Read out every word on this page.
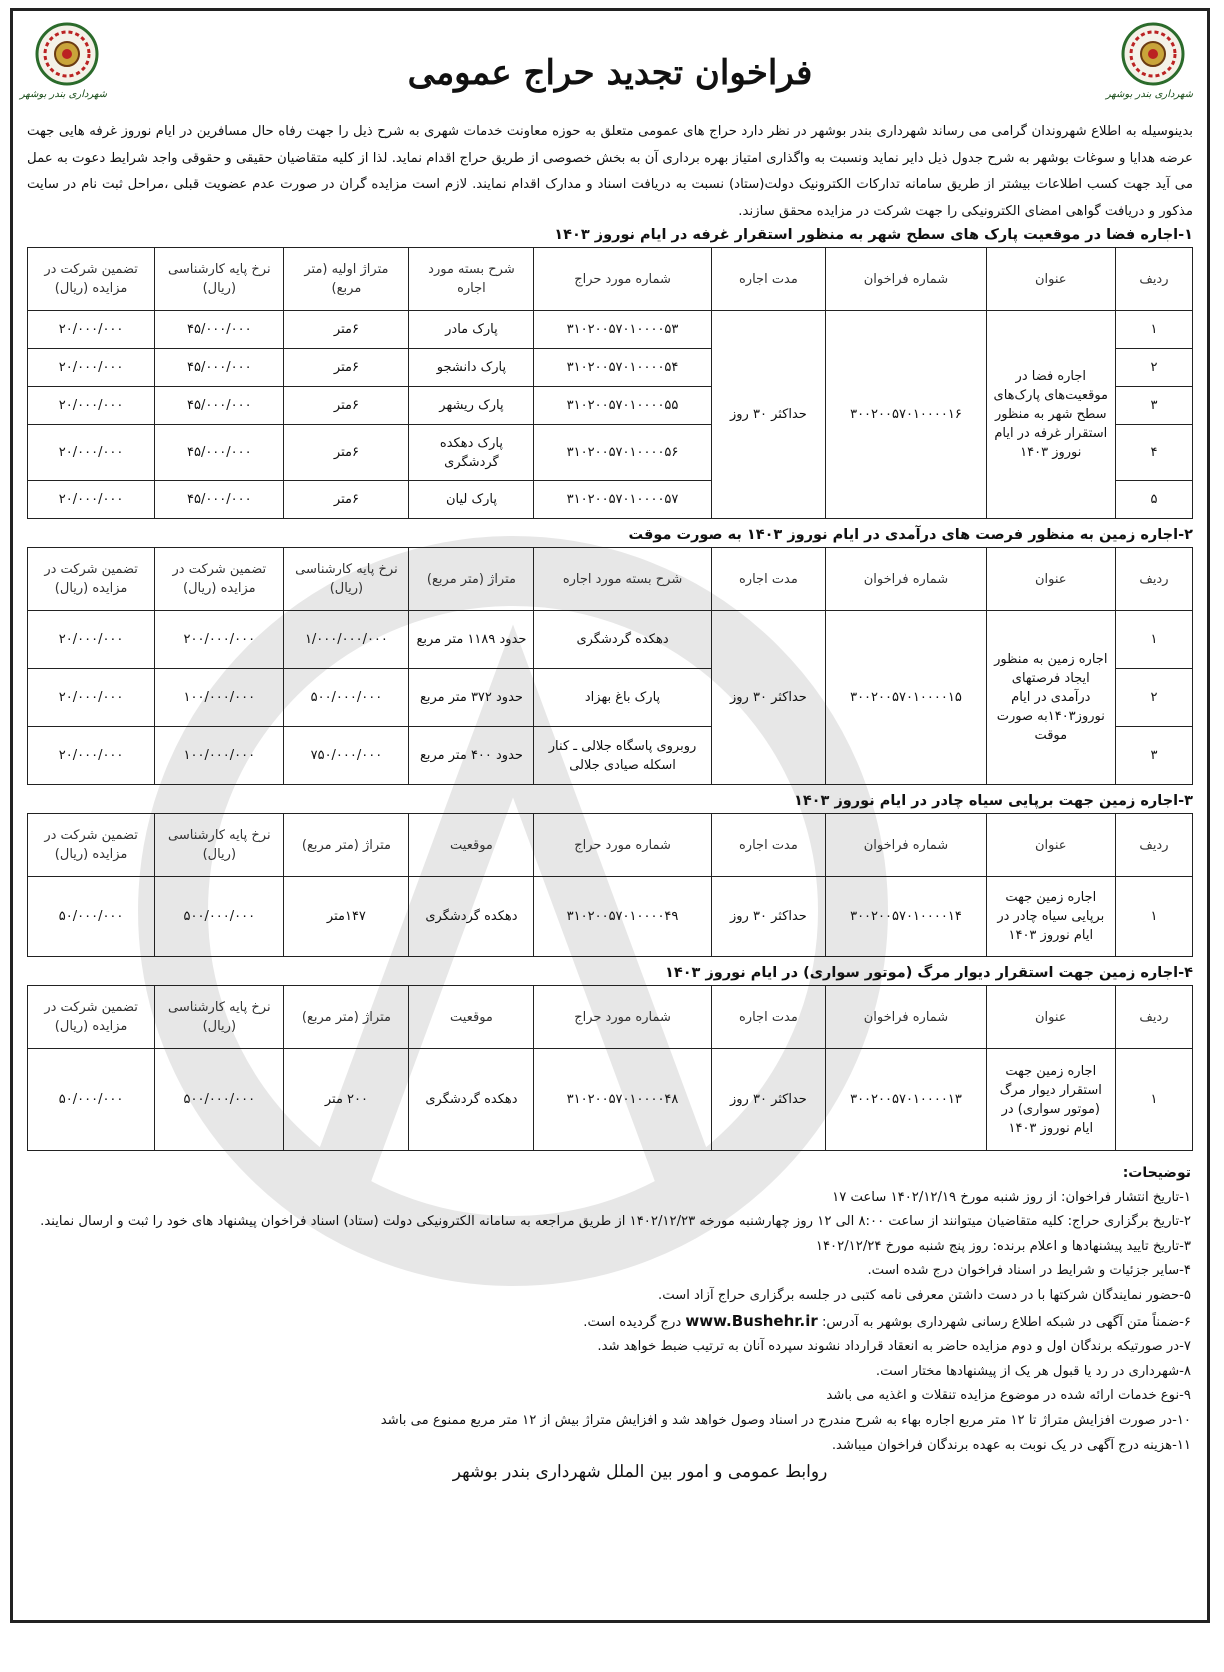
شهرداری بندر بوشهر
شهرداری بندر بوشهر
فراخوان تجدید حراج عمومی
بدینوسیله به اطلاع شهروندان گرامی می رساند شهرداری بندر بوشهر در نظر دارد حراج های عمومی متعلق به حوزه معاونت خدمات شهری به شرح ذیل را جهت رفاه حال مسافرین در ایام نوروز غرفه هایی جهت عرضه هدایا و سوغات بوشهر به شرح جدول ذیل دایر نماید ونسبت به واگذاری امتیاز بهره برداری آن به بخش خصوصی از طریق حراج اقدام نماید. لذا از کلیه متقاضیان حقیقی و حقوقی واجد شرایط دعوت به عمل می آید جهت کسب اطلاعات بیشتر از طریق سامانه تدارکات الکترونیک دولت(ستاد) نسبت به دریافت اسناد و مدارک اقدام نمایند. لازم است مزایده گران در صورت عدم عضویت قبلی ،مراحل ثبت نام در سایت مذکور و دریافت گواهی امضای الکترونیکی را جهت شرکت در مزایده محقق سازند.
۱-اجاره فضا در موقعیت پارک های سطح شهر به منظور استقرار غرفه در ایام نوروز ۱۴۰۳
ردیف	عنوان	شماره فراخوان	مدت اجاره	شماره مورد حراج	شرح بسته مورد اجاره	متراژ اولیه (متر مربع)	نرخ پایه کارشناسی (ریال)	تضمین شرکت در مزایده (ریال)
۱	اجاره فضا در موقعیت‌های پارک‌های سطح شهر به منظور استقرار غرفه در ایام نوروز ۱۴۰۳	۳۰۰۲۰۰۵۷۰۱۰۰۰۰۱۶	حداکثر ۳۰ روز	۳۱۰۲۰۰۵۷۰۱۰۰۰۰۵۳	پارک مادر	۶متر	۴۵/۰۰۰/۰۰۰	۲۰/۰۰۰/۰۰۰
۲				۳۱۰۲۰۰۵۷۰۱۰۰۰۰۵۴	پارک دانشجو	۶متر	۴۵/۰۰۰/۰۰۰	۲۰/۰۰۰/۰۰۰
۳				۳۱۰۲۰۰۵۷۰۱۰۰۰۰۵۵	پارک ریشهر	۶متر	۴۵/۰۰۰/۰۰۰	۲۰/۰۰۰/۰۰۰
۴				۳۱۰۲۰۰۵۷۰۱۰۰۰۰۵۶	پارک دهکده گردشگری	۶متر	۴۵/۰۰۰/۰۰۰	۲۰/۰۰۰/۰۰۰
۵				۳۱۰۲۰۰۵۷۰۱۰۰۰۰۵۷	پارک لیان	۶متر	۴۵/۰۰۰/۰۰۰	۲۰/۰۰۰/۰۰۰
۲-اجاره زمین به منظور فرصت های درآمدی در ایام نوروز ۱۴۰۳ به صورت موقت
ردیف	عنوان	شماره فراخوان	مدت اجاره	شرح بسته مورد اجاره	متراژ (متر مربع)	نرخ پایه کارشناسی (ریال)	تضمین شرکت در مزایده (ریال)	تضمین شرکت در مزایده (ریال)
۱	اجاره زمین به منظور ایجاد فرصتهای درآمدی در ایام نوروز۱۴۰۳به صورت موقت	۳۰۰۲۰۰۵۷۰۱۰۰۰۰۱۵	حداکثر ۳۰ روز	دهکده گردشگری	حدود ۱۱۸۹ متر مربع	۱/۰۰۰/۰۰۰/۰۰۰	۲۰۰/۰۰۰/۰۰۰	۲۰/۰۰۰/۰۰۰
۲				پارک باغ بهزاد	حدود ۳۷۲ متر مربع	۵۰۰/۰۰۰/۰۰۰	۱۰۰/۰۰۰/۰۰۰	۲۰/۰۰۰/۰۰۰
۳				روبروی پاسگاه جلالی ـ کنار اسکله صیادی جلالی	حدود ۴۰۰ متر مربع	۷۵۰/۰۰۰/۰۰۰	۱۰۰/۰۰۰/۰۰۰	۲۰/۰۰۰/۰۰۰
۳-اجاره زمین جهت برپایی سیاه چادر در ایام نوروز ۱۴۰۳
ردیف	عنوان	شماره فراخوان	مدت اجاره	شماره مورد حراج	موقعیت	متراژ (متر مربع)	نرخ پایه کارشناسی (ریال)	تضمین شرکت در مزایده (ریال)
۱	اجاره زمین جهت برپایی سیاه چادر در ایام نوروز ۱۴۰۳	۳۰۰۲۰۰۵۷۰۱۰۰۰۰۱۴	حداکثر ۳۰ روز	۳۱۰۲۰۰۵۷۰۱۰۰۰۰۴۹	دهکده گردشگری	۱۴۷متر	۵۰۰/۰۰۰/۰۰۰	۵۰/۰۰۰/۰۰۰
۴-اجاره زمین جهت استقرار دیوار مرگ (موتور سواری) در ایام نوروز ۱۴۰۳
ردیف	عنوان	شماره فراخوان	مدت اجاره	شماره مورد حراج	موقعیت	متراژ (متر مربع)	نرخ پایه کارشناسی (ریال)	تضمین شرکت در مزایده (ریال)
۱	اجاره زمین جهت استقرار دیوار مرگ (موتور سواری) در ایام نوروز ۱۴۰۳	۳۰۰۲۰۰۵۷۰۱۰۰۰۰۱۳	حداکثر ۳۰ روز	۳۱۰۲۰۰۵۷۰۱۰۰۰۰۴۸	دهکده گردشگری	۲۰۰ متر	۵۰۰/۰۰۰/۰۰۰	۵۰/۰۰۰/۰۰۰
توضیحات:
۱-تاریخ انتشار فراخوان: از روز شنبه مورخ ۱۴۰۲/۱۲/۱۹ ساعت ۱۷
۲-تاریخ برگزاری حراج: کلیه متقاضیان میتوانند از ساعت ۸:۰۰ الی ۱۲ روز چهارشنبه مورخه ۱۴۰۲/۱۲/۲۳ از طریق مراجعه به سامانه الکترونیکی دولت (ستاد) اسناد فراخوان پیشنهاد های خود را ثبت و ارسال نمایند.
۳-تاریخ تایید پیشنهادها و اعلام برنده: روز پنج شنبه مورخ ۱۴۰۲/۱۲/۲۴
۴-سایر جزئیات و شرایط در اسناد فراخوان درج شده است.
۵-حضور نمایندگان شرکتها با در دست داشتن معرفی نامه کتبی در جلسه برگزاری حراج آزاد است.
۶-ضمناً متن آگهی در شبکه اطلاع رسانی شهرداری بوشهر به آدرس: www.Bushehr.ir درج گردیده است.
۷-در صورتیکه برندگان اول و دوم مزایده حاضر به انعقاد قرارداد نشوند سپرده آنان به ترتیب ضبط خواهد شد.
۸-شهرداری در رد یا قبول هر یک از پیشنهادها مختار است.
۹-نوع خدمات ارائه شده در موضوع مزایده تنقلات و اغذیه می باشد
۱۰-در صورت افزایش متراژ تا ۱۲ متر مربع اجاره بهاء به شرح مندرج در اسناد وصول خواهد شد و افزایش متراژ بیش از ۱۲ متر مربع ممنوع می باشد
۱۱-هزینه درج آگهی در یک نوبت به عهده برندگان فراخوان میباشد.
روابط عمومی و امور بین الملل شهرداری بندر بوشهر
